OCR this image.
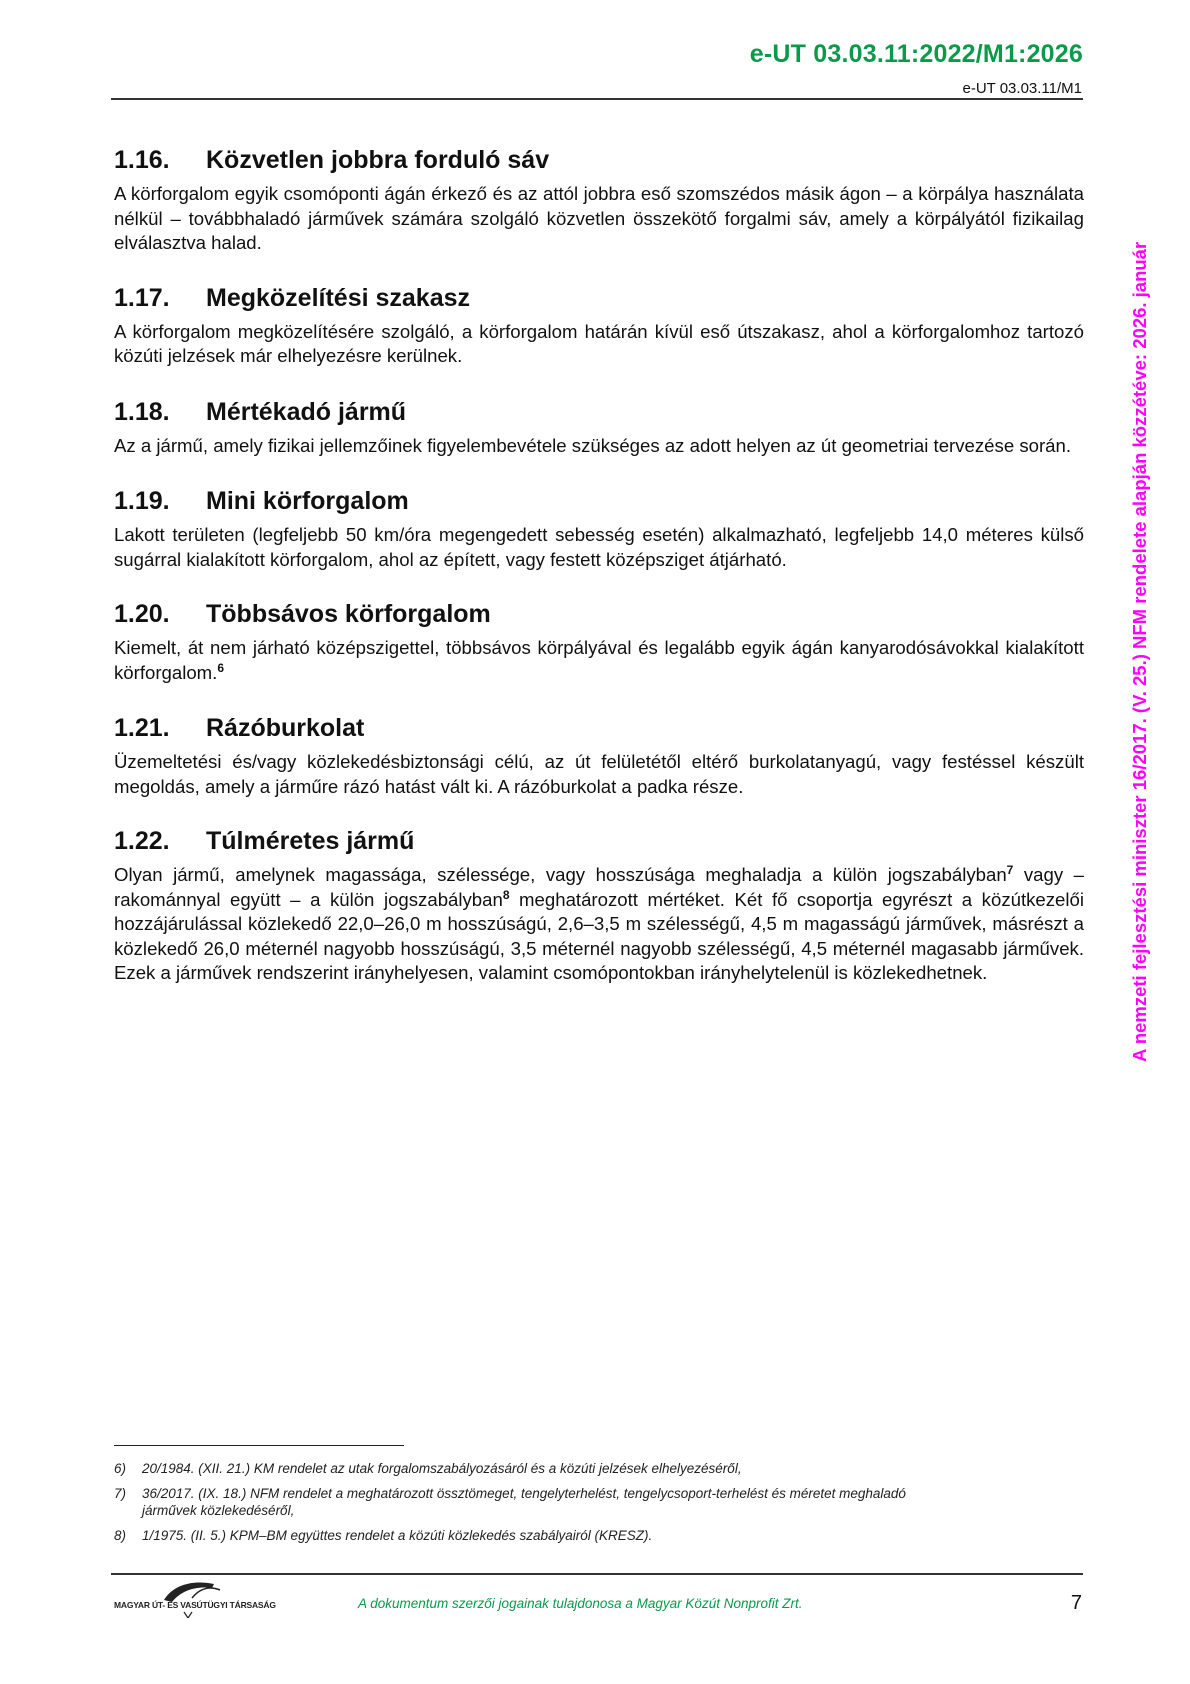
e-UT 03.03.11:2022/M1:2026
e-UT 03.03.11/M1
A nemzeti fejlesztési miniszter 16/2017. (V. 25.) NFM rendelete alapján közzétéve: 2026. január
1.16. Közvetlen jobbra forduló sáv

A körforgalom egyik csomóponti ágán érkező és az attól jobbra eső szomszédos másik ágon – a körpálya használata nélkül – továbbhaladó járművek számára szolgáló közvetlen összekötő forgalmi sáv, amely a körpályától fizikailag elválasztva halad.

1.17. Megközelítési szakasz

A körforgalom megközelítésére szolgáló, a körforgalom határán kívül eső útszakasz, ahol a körforgalomhoz tartozó közúti jelzések már elhelyezésre kerülnek.

1.18. Mértékadó jármű

Az a jármű, amely fizikai jellemzőinek figyelembevétele szükséges az adott helyen az út geometriai tervezése során.

1.19. Mini körforgalom

Lakott területen (legfeljebb 50 km/óra megengedett sebesség esetén) alkalmazható, legfeljebb 14,0 méteres külső sugárral kialakított körforgalom, ahol az épített, vagy festett középsziget átjárható.

1.20. Többsávos körforgalom

Kiemelt, át nem járható középszigettel, többsávos körpályával és legalább egyik ágán kanyarodósávokkal kialakított körforgalom.$^6$

1.21. Rázóburkolat

Üzemeltetési és/vagy közlekedésbiztonsági célú, az út felületétől eltérő burkolatanyagú, vagy festéssel készült megoldás, amely a járműre rázó hatást vált ki. A rázóburkolat a padka része.

1.22. Túlméretes jármű

Olyan jármű, amelynek magassága, szélessége, vagy hosszúsága meghaladja a külön jogszabályban$^7$ vagy – rakománnyal együtt – a külön jogszabályban$^8$ meghatározott mértéket. Két fő csoportja egyrészt a közútkezelői hozzájárulással közlekedő 22,0–26,0 m hosszúságú, 2,6–3,5 m szélességű, 4,5 m magasságú járművek, másrészt a közlekedő 26,0 méternél nagyobb hosszúságú, 3,5 méternél nagyobb szélességű, 4,5 méternél magasabb járművek. Ezek a járművek rendszerint irányhelyesen, valamint csomópontokban irányhelytelenül is közlekedhetnek.

6)	20/1984. (XII. 21.) KM rendelet az utak forgalomszabályozásáról és a közúti jelzések elhelyezéséről,
7)	36/2017. (IX. 18.) NFM rendelet a meghatározott össztömeget, tengelyterhelést, tengelycsoport-terhelést és méretet meghaladó járművek közlekedéséről,
8)	1/1975. (II. 5.) KPM–BM együttes rendelet a közúti közlekedés szabályairól (KRESZ).
MAGYAR ÚT- ÉS VASÚTÜGYI TÁRSASÁG	A dokumentum szerzői jogainak tulajdonosa a Magyar Közút Nonprofit Zrt.	7
